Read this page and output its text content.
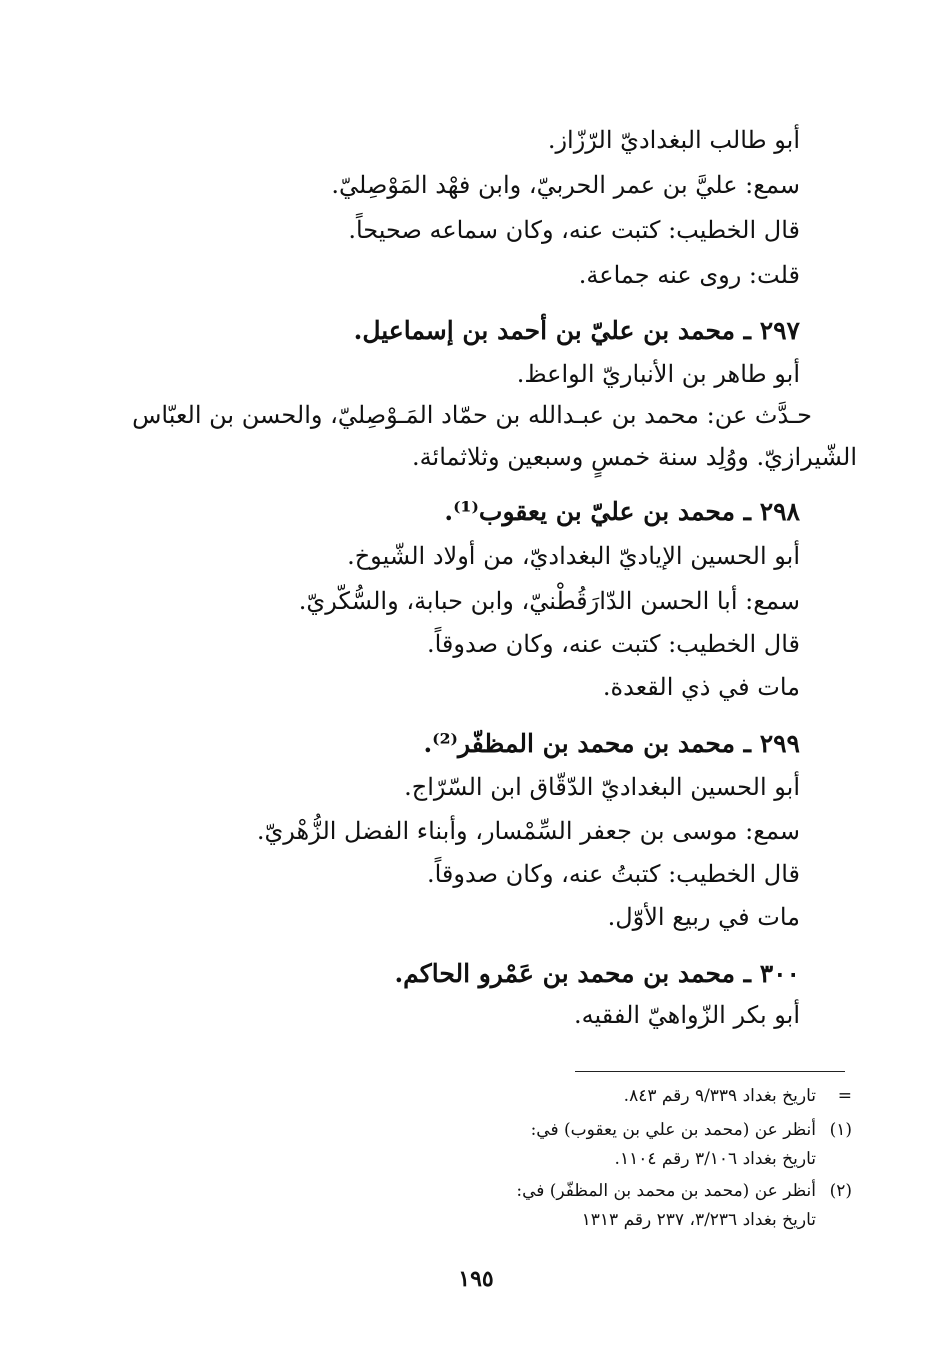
أبو طالب البغداديّ الرّزّاز.
سمع: عليَّ بن عمر الحربيّ، وابن فهْد المَوْصِليّ.
قال الخطيب: كتبت عنه، وكان سماعه صحيحاً.
قلت: روى عنه جماعة.
٢٩٧ ـ محمد بن عليّ بن أحمد بن إسماعيل.
أبو طاهر بن الأنباريّ الواعظ.
حـدَّث عن: محمد بن عبـدالله بن حمّاد المَـوْصِليّ، والحسن بن العبّاس
الشّيرازيّ. ووُلِد سنة خمسٍ وسبعين وثلاثمائة.
٢٩٨ ـ محمد بن عليّ بن يعقوب⁽¹⁾.
أبو الحسين الإياديّ البغداديّ، من أولاد الشّيوخ.
سمع: أبا الحسن الدّارَقُطْنيّ، وابن حبابة، والسُّكّريّ.
قال الخطيب: كتبت عنه، وكان صدوقاً.
مات في ذي القعدة.
٢٩٩ ـ محمد بن محمد بن المظفّر⁽²⁾.
أبو الحسين البغداديّ الدّقّاق ابن السّرّاج.
سمع: موسى بن جعفر السِّمْسار، وأبناء الفضل الزُّهْريّ.
قال الخطيب: كتبتُ عنه، وكان صدوقاً.
مات في ربيع الأوّل.
٣٠٠ ـ محمد بن محمد بن عَمْرو الحاكم.
أبو بكر الزّواهيّ الفقيه.
=تاريخ بغداد ٩/٣٣٩ رقم ٨٤٣.
(١)أنظر عن (محمد بن علي بن يعقوب) في:
تاريخ بغداد ٣/١٠٦ رقم ١١٠٤.
(٢)أنظر عن (محمد بن محمد بن المظفّر) في:
تاريخ بغداد ٣/٢٣٦، ٢٣٧ رقم ١٣١٣
١٩٥
